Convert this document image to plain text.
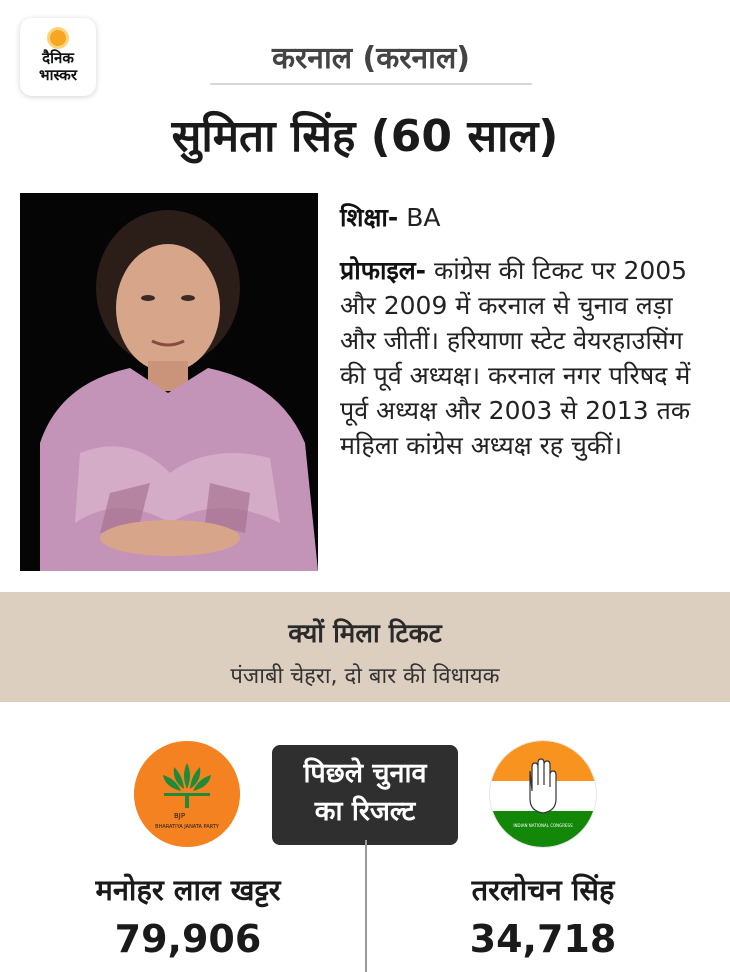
दैनिक
भास्कर	करनाल (करनाल)
सुमिता सिंह (60 साल)
शिक्षा- BA
प्रोफाइल- कांग्रेस की टिकट पर 2005 और 2009 में करनाल से चुनाव लड़ा और जीतीं। हरियाणा स्टेट वेयरहाउसिंग की पूर्व अध्यक्ष। करनाल नगर परिषद में पूर्व अध्यक्ष और 2003 से 2013 तक महिला कांग्रेस अध्यक्ष रह चुकीं।
क्यों मिला टिकट
पंजाबी चेहरा, दो बार की विधायक
BJP
BHARATIYA JANATA PARTY
पिछले चुनाव
का रिजल्ट	INDIAN NATIONAL CONGRESS
मनोहर लाल खट्टर
79,906
तरलोचन सिंह
34,718
